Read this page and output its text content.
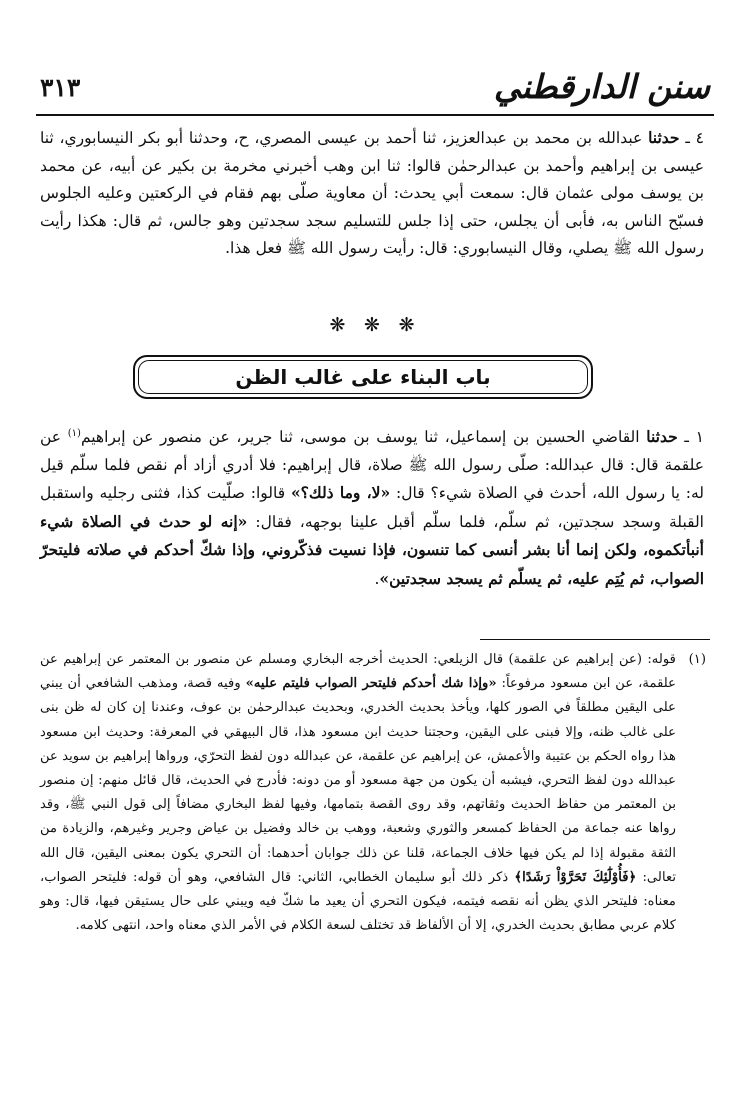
سنن الدارقطني
٣١٣

٤ ـ حدثنا عبدالله بن محمد بن عبدالعزيز، ثنا أحمد بن عيسى المصري، ح، وحدثنا أبو بكر النيسابوري، ثنا عيسى بن إبراهيم وأحمد بن عبدالرحمٰن قالوا: ثنا ابن وهب أخبرني مخرمة بن بكير عن أبيه، عن محمد بن يوسف مولى عثمان قال: سمعت أبي يحدث: أن معاوية صلّى بهم فقام في الركعتين وعليه الجلوس فسبّح الناس به، فأبى أن يجلس، حتى إذا جلس للتسليم سجد سجدتين وهو جالس، ثم قال: هكذا رأيت رسول الله ﷺ يصلي، وقال النيسابوري: قال: رأيت رسول الله ﷺ فعل هذا.

❋ ❋ ❋
باب البناء على غالب الظن

١ ـ حدثنا القاضي الحسين بن إسماعيل، ثنا يوسف بن موسى، ثنا جرير، عن منصور عن إبراهيم$^{(١)}$ عن علقمة قال: قال عبدالله: صلّى رسول الله ﷺ صلاة، قال إبراهيم: فلا أدري أزاد أم نقص فلما سلّم قيل له: يا رسول الله، أحدث في الصلاة شيء؟ قال: «لا، وما ذلك؟» قالوا: صلّيت كذا، فثنى رجليه واستقبل القبلة وسجد سجدتين، ثم سلّم، فلما سلّم أقبل علينا بوجهه، فقال: «إنه لو حدث في الصلاة شيء أنبأتكموه، ولكن إنما أنا بشر أنسى كما تنسون، فإذا نسيت فذكّروني، وإذا شكّ أحدكم في صلاته فليتحرّ الصواب، ثم يُتِم عليه، ثم يسلّم ثم يسجد سجدتين».

(١)

قوله: (عن إبراهيم عن علقمة) قال الزيلعي: الحديث أخرجه البخاري ومسلم عن منصور بن المعتمر عن إبراهيم عن علقمة، عن ابن مسعود مرفوعاً: «وإذا شك أحدكم فليتحر الصواب فليتم عليه» وفيه قصة، ومذهب الشافعي أن يبني على اليقين مطلقاً في الصور كلها، ويأخذ بحديث الخدري، وبحديث عبدالرحمٰن بن عوف، وعندنا إن كان له ظن بنى على غالب ظنه، وإلا فبنى على اليقين، وحجتنا حديث ابن مسعود هذا، قال البيهقي في المعرفة: وحديث ابن مسعود هذا رواه الحكم بن عتيبة والأعمش، عن إبراهيم عن علقمة، عن عبدالله دون لفظ التحرّي، ورواها إبراهيم بن سويد عن عبدالله دون لفظ التحري، فيشبه أن يكون من جهة مسعود أو من دونه: فأدرج في الحديث، قال قائل منهم: إن منصور بن المعتمر من حفاظ الحديث وثقاتهم، وقد روى القصة بتمامها، وفيها لفظ البخاري مضافاً إلى قول النبي ﷺ، وقد رواها عنه جماعة من الحفاظ كمسعر والثوري وشعبة، ووهب بن خالد وفضيل بن عياض وجرير وغيرهم، والزيادة من الثقة مقبولة إذا لم يكن فيها خلاف الجماعة، قلنا عن ذلك جوابان أحدهما: أن التحري يكون بمعنى اليقين، قال الله تعالى: ﴿فَأُوْلَٰٓئِكَ تَحَرَّوْاْ رَشَدًا﴾ ذكر ذلك أبو سليمان الخطابي، الثاني: قال الشافعي، وهو أن قوله: فليتحر الصواب، معناه: فليتحر الذي يظن أنه نقصه فيتمه، فيكون التحري أن يعيد ما شكّ فيه ويبني على حال يستيقن فيها، قال: وهو كلام عربي مطابق بحديث الخدري، إلا أن الألفاظ قد تختلف لسعة الكلام في الأمر الذي معناه واحد، انتهى كلامه.
